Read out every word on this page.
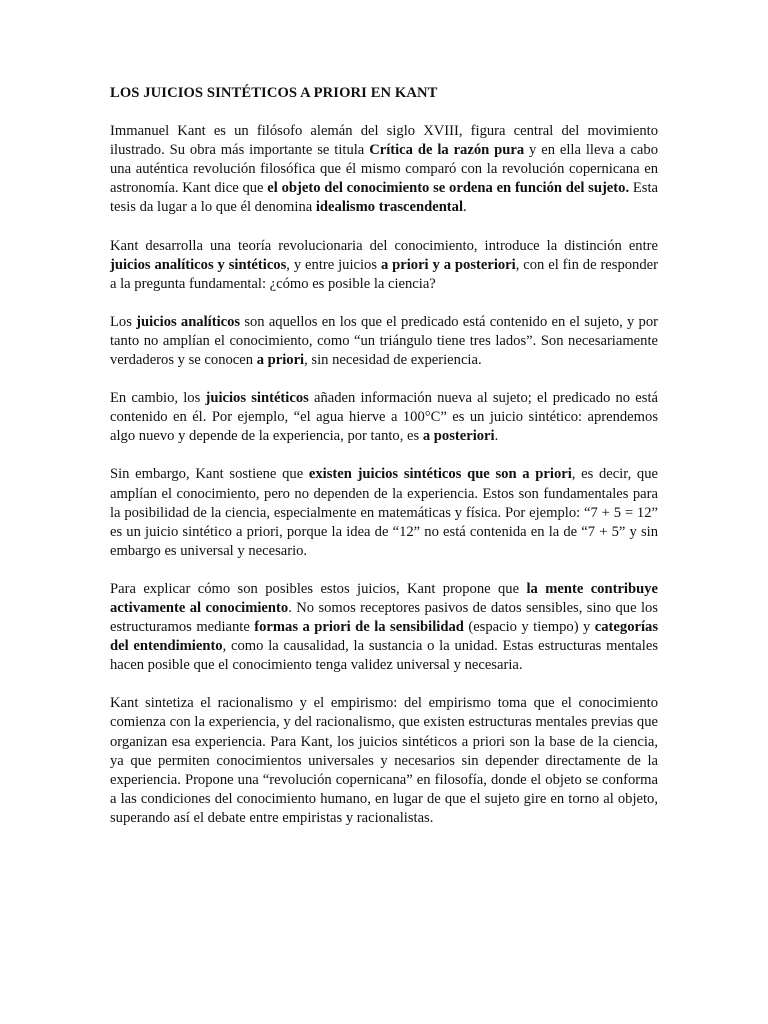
LOS JUICIOS SINTÉTICOS A PRIORI EN KANT

Immanuel Kant es un filósofo alemán del siglo XVIII, figura central del movimiento ilustrado. Su obra más importante se titula Crítica de la razón pura y en ella lleva a cabo una auténtica revolución filosófica que él mismo comparó con la revolución copernicana en astronomía. Kant dice que el objeto del conocimiento se ordena en función del sujeto. Esta tesis da lugar a lo que él denomina idealismo trascendental.

Kant desarrolla una teoría revolucionaria del conocimiento, introduce la distinción entre juicios analíticos y sintéticos, y entre juicios a priori y a posteriori, con el fin de responder a la pregunta fundamental: ¿cómo es posible la ciencia?

Los juicios analíticos son aquellos en los que el predicado está contenido en el sujeto, y por tanto no amplían el conocimiento, como “un triángulo tiene tres lados”. Son necesariamente verdaderos y se conocen a priori, sin necesidad de experiencia.

En cambio, los juicios sintéticos añaden información nueva al sujeto; el predicado no está contenido en él. Por ejemplo, “el agua hierve a 100°C” es un juicio sintético: aprendemos algo nuevo y depende de la experiencia, por tanto, es a posteriori.

Sin embargo, Kant sostiene que existen juicios sintéticos que son a priori, es decir, que amplían el conocimiento, pero no dependen de la experiencia. Estos son fundamentales para la posibilidad de la ciencia, especialmente en matemáticas y física. Por ejemplo: “7 + 5 = 12” es un juicio sintético a priori, porque la idea de “12” no está contenida en la de “7 + 5” y sin embargo es universal y necesario.

Para explicar cómo son posibles estos juicios, Kant propone que la mente contribuye activamente al conocimiento. No somos receptores pasivos de datos sensibles, sino que los estructuramos mediante formas a priori de la sensibilidad (espacio y tiempo) y categorías del entendimiento, como la causalidad, la sustancia o la unidad. Estas estructuras mentales hacen posible que el conocimiento tenga validez universal y necesaria.

Kant sintetiza el racionalismo y el empirismo: del empirismo toma que el conocimiento comienza con la experiencia, y del racionalismo, que existen estructuras mentales previas que organizan esa experiencia. Para Kant, los juicios sintéticos a priori son la base de la ciencia, ya que permiten conocimientos universales y necesarios sin depender directamente de la experiencia. Propone una “revolución copernicana” en filosofía, donde el objeto se conforma a las condiciones del conocimiento humano, en lugar de que el sujeto gire en torno al objeto, superando así el debate entre empiristas y racionalistas.
